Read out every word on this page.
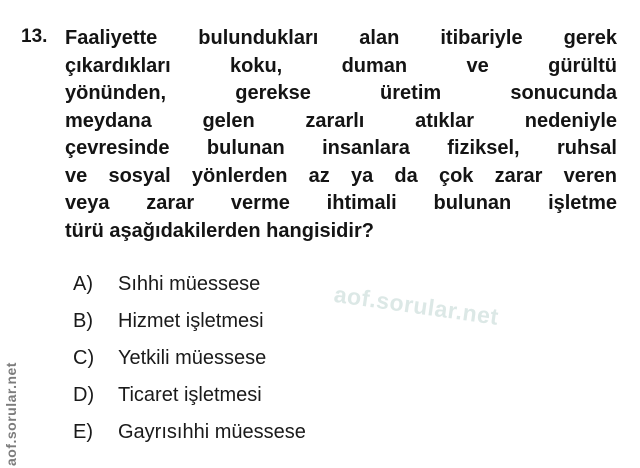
aof.sorular.net
aof.sorular.net
13. Faaliyette bulundukları alan itibariyle gerek
çıkardıkları koku, duman ve gürültü
yönünden, gerekse üretim sonucunda
meydana gelen zararlı atıklar nedeniyle
çevresinde bulunan insanlara fiziksel, ruhsal
ve sosyal yönlerden az ya da çok zarar veren
veya zarar verme ihtimali bulunan işletme
türü aşağıdakilerden hangisidir?
A)	Sıhhi müessese
B)	Hizmet işletmesi
C)	Yetkili müessese
D)	Ticaret işletmesi
E)	Gayrısıhhi müessese
